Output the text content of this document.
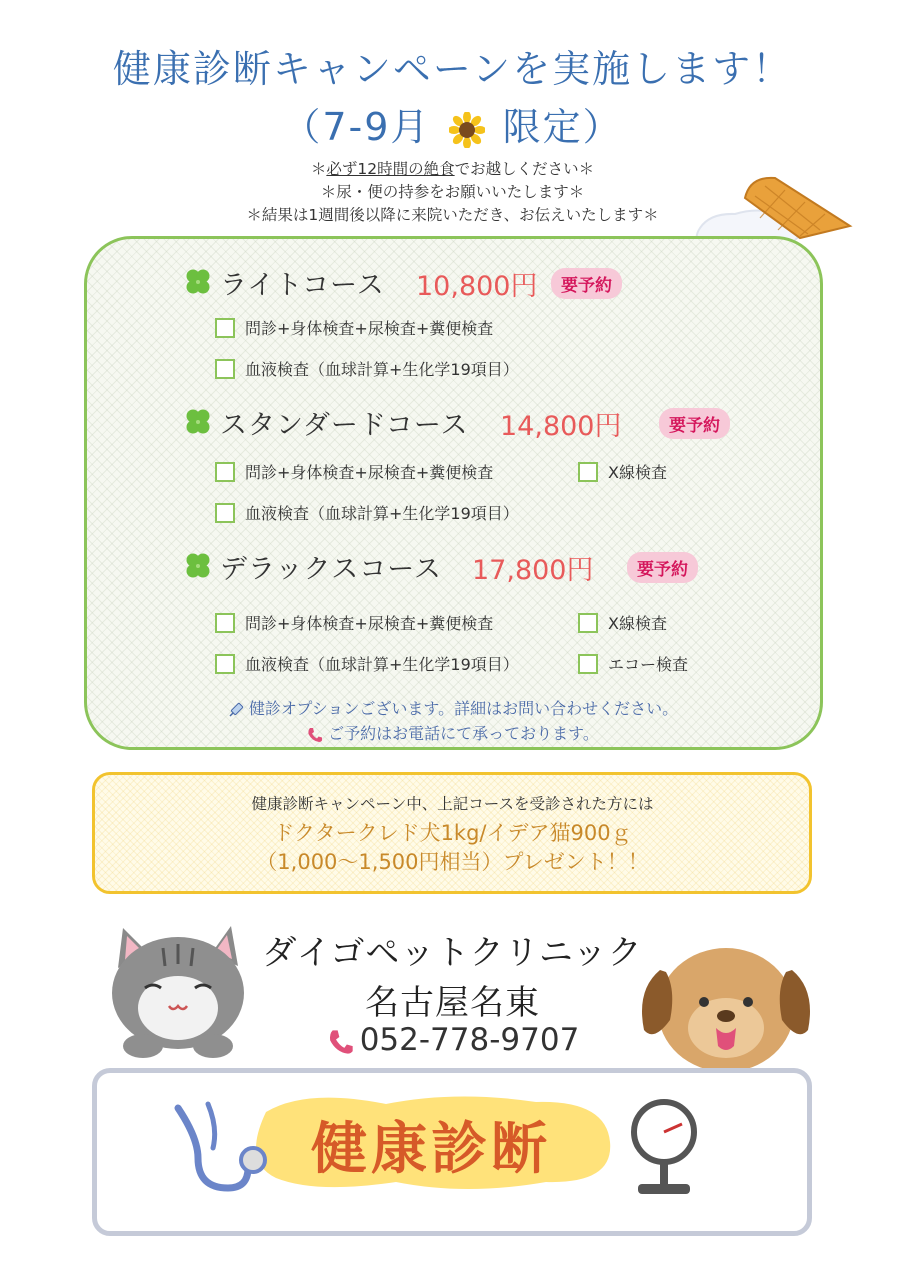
健康診断キャンペーンを実施します！
（7-9月 限定）
＊必ず12時間の絶食でお越しください＊
＊尿・便の持参をお願いいたします＊
＊結果は1週間後以降に来院いただき、お伝えいたします＊
ライトコース 10,800円	要予約
問診+身体検査+尿検査+糞便検査
血液検査（血球計算+生化学19項目）
スタンダードコース 14,800円	要予約
問診+身体検査+尿検査+糞便検査	X線検査
血液検査（血球計算+生化学19項目）
デラックスコース 17,800円	要予約
問診+身体検査+尿検査+糞便検査	X線検査
血液検査（血球計算+生化学19項目）	エコー検査
健診オプションございます。詳細はお問い合わせください。
ご予約はお電話にて承っております。
健康診断キャンペーン中、上記コースを受診された方には
ドクタークレド犬1kg/イデア猫900ｇ
（1,000～1,500円相当）プレゼント！！
ダイゴペットクリニック
名古屋名東
052-778-9707
健康診断
